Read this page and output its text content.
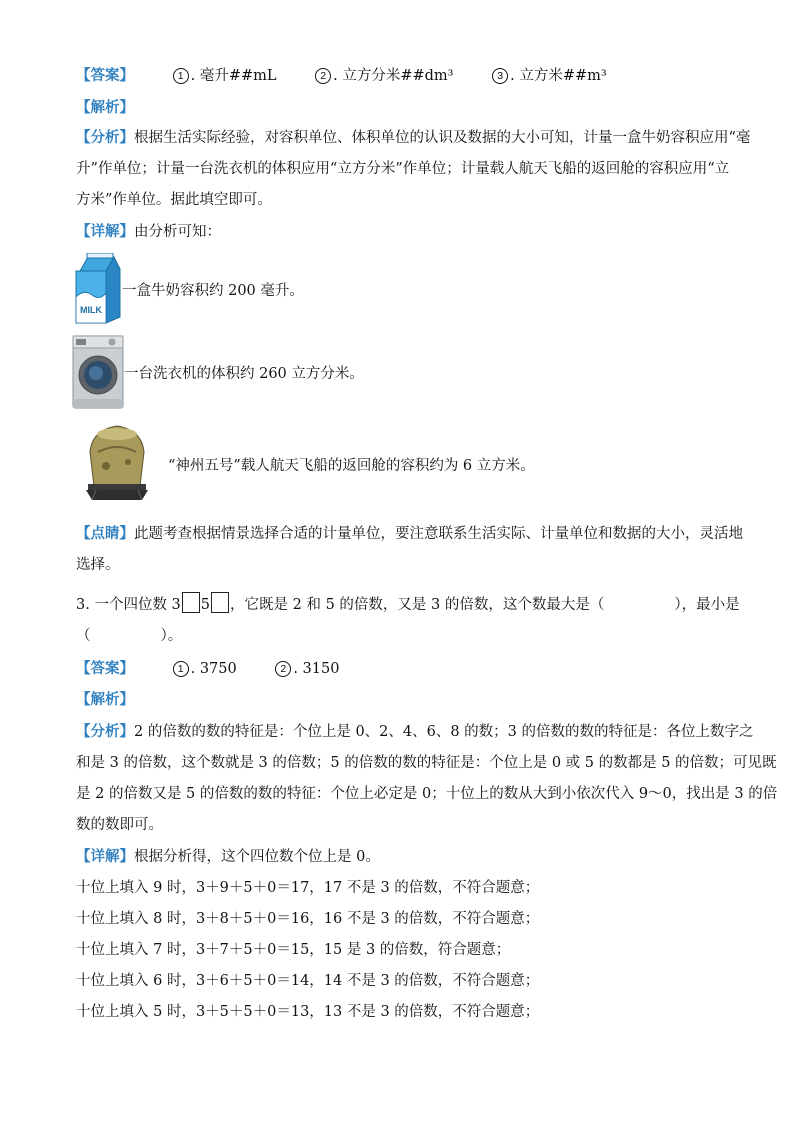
【答案】	1 . 毫升##mL	2 . 立方分米##dm³	3 . 立方米##m³
【解析】
【分析】根据生活实际经验，对容积单位、体积单位的认识及数据的大小可知，计量一盒牛奶容积应用“毫
升”作单位；计量一台洗衣机的体积应用“立方分米”作单位；计量载人航天飞船的返回舱的容积应用“立
方米”作单位。据此填空即可。
【详解】由分析可知：
MILK
一盒牛奶容积约 200 毫升。
一台洗衣机的体积约 260 立方分米。
“神州五号”载人航天飞船的返回舱的容积约为 6 立方米。
【点睛】此题考查根据情景选择合适的计量单位，要注意联系生活实际、计量单位和数据的大小，灵活地
选择。
3. 一个四位数 3 5 ，它既是 2 和 5 的倍数，又是 3 的倍数，这个数最大是（	），最小是
（	）。
【答案】	1 . 3750	2 . 3150
【解析】
【分析】2 的倍数的数的特征是：个位上是 0、2、4、6、8 的数；3 的倍数的数的特征是：各位上数字之
和是 3 的倍数，这个数就是 3 的倍数；5 的倍数的数的特征是：个位上是 0 或 5 的数都是 5 的倍数；可见既
是 2 的倍数又是 5 的倍数的数的特征：个位上必定是 0；十位上的数从大到小依次代入 9～0，找出是 3 的倍
数的数即可。
【详解】根据分析得，这个四位数个位上是 0。
十位上填入 9 时，3＋9＋5＋0＝17，17 不是 3 的倍数，不符合题意；
十位上填入 8 时，3＋8＋5＋0＝16，16 不是 3 的倍数，不符合题意；
十位上填入 7 时，3＋7＋5＋0＝15，15 是 3 的倍数，符合题意；
十位上填入 6 时，3＋6＋5＋0＝14，14 不是 3 的倍数，不符合题意；
十位上填入 5 时，3＋5＋5＋0＝13，13 不是 3 的倍数，不符合题意；
